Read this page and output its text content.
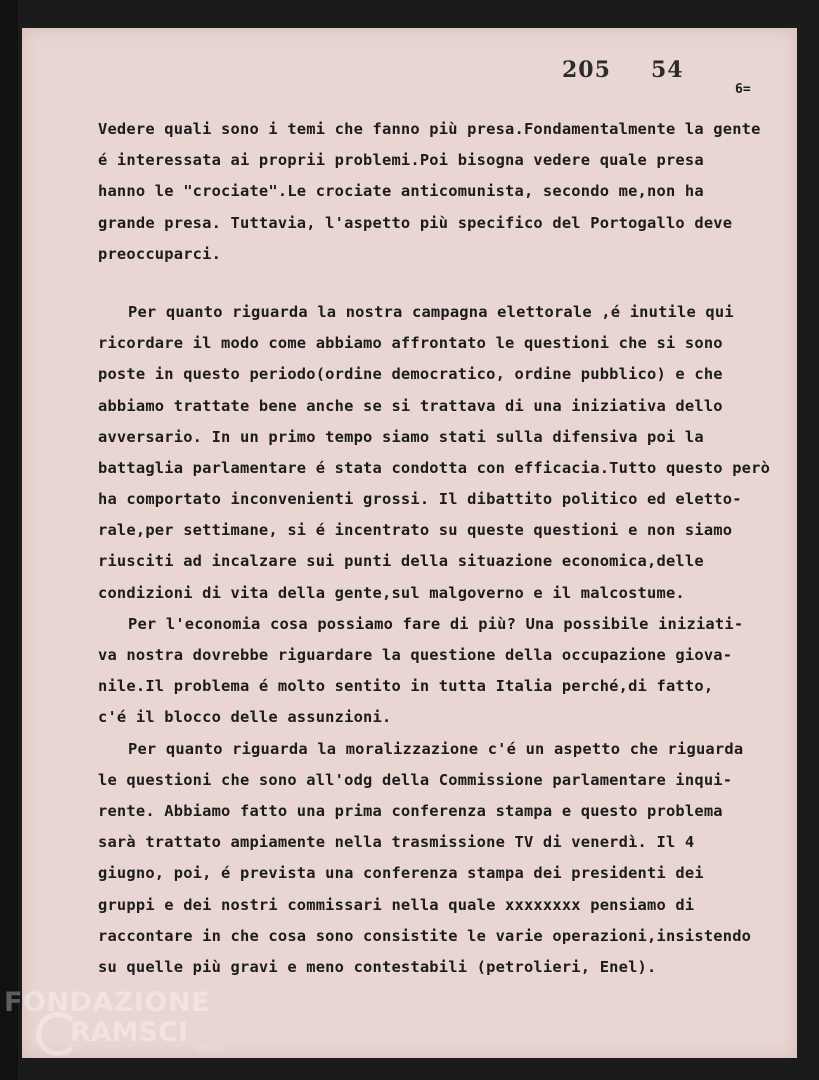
205 54
6=
Vedere quali sono i temi che fanno più presa.Fondamentalmente la gente
é interessata ai proprii problemi.Poi bisogna vedere quale presa
hanno le "crociate".Le crociate anticomunista, secondo me,non ha
grande presa. Tuttavia, l'aspetto più specifico del Portogallo deve
preoccuparci.
Per quanto riguarda la nostra campagna elettorale ,é inutile qui
ricordare il modo come abbiamo affrontato le questioni che si sono
poste in questo periodo(ordine democratico, ordine pubblico) e che
abbiamo trattate bene anche se si trattava di una iniziativa dello
avversario. In un primo tempo siamo stati sulla difensiva poi la
battaglia parlamentare é stata condotta con efficacia.Tutto questo però
ha comportato inconvenienti grossi. Il dibattito politico ed eletto-
rale,per settimane, si é incentrato su queste questioni e non siamo
riusciti ad incalzare sui punti della situazione economica,delle
condizioni di vita della gente,sul malgoverno e il malcostume.
Per l'economia cosa possiamo fare di più? Una possibile iniziati-
va nostra dovrebbe riguardare la questione della occupazione giova-
nile.Il problema é molto sentito in tutta Italia perché,di fatto,
c'é il blocco delle assunzioni.
Per quanto riguarda la moralizzazione c'é un aspetto che riguarda
le questioni che sono all'odg della Commissione parlamentare inqui-
rente. Abbiamo fatto una prima conferenza stampa e questo problema
sarà trattato ampiamente nella trasmissione TV di venerdì. Il 4
giugno, poi, é prevista una conferenza stampa dei presidenti dei
gruppi e dei nostri commissari nella quale xxxxxxxx pensiamo di
raccontare in che cosa sono consistite le varie operazioni,insistendo
su quelle più gravi e meno contestabili (petrolieri, Enel).
FONDAZIONE
$RAMSCI_{onlus}$
